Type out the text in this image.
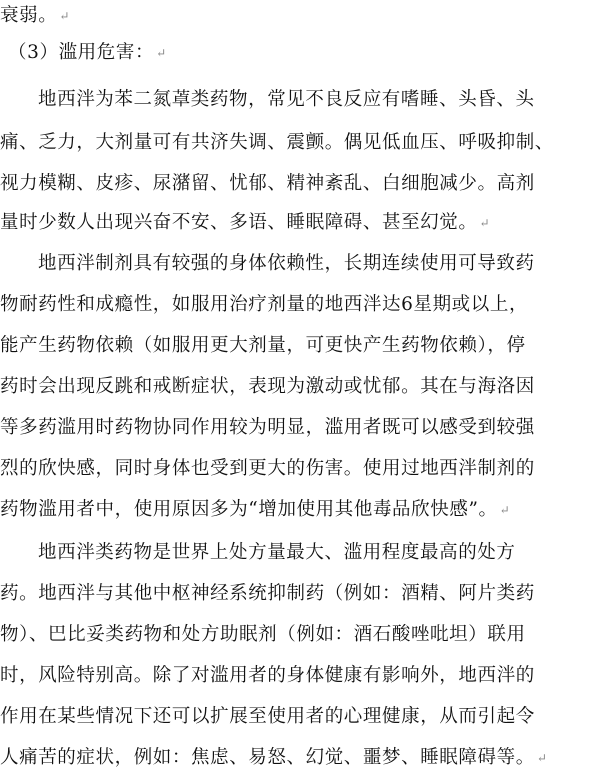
衰弱。 ↵
（3）滥用危害： ↵
地西泮为苯二氮䓬类药物，常见不良反应有嗜睡、头昏、头
痛、乏力，大剂量可有共济失调、震颤。偶见低血压、呼吸抑制、
视力模糊、皮疹、尿潴留、忧郁、精神紊乱、白细胞减少。高剂
量时少数人出现兴奋不安、多语、睡眠障碍、甚至幻觉。 ↵
地西泮制剂具有较强的身体依赖性，长期连续使用可导致药
物耐药性和成瘾性，如服用治疗剂量的地西泮达6星期或以上，
能产生药物依赖（如服用更大剂量，可更快产生药物依赖），停
药时会出现反跳和戒断症状，表现为激动或忧郁。其在与海洛因
等多药滥用时药物协同作用较为明显，滥用者既可以感受到较强
烈的欣快感，同时身体也受到更大的伤害。使用过地西泮制剂的
药物滥用者中，使用原因多为“增加使用其他毒品欣快感”。 ↵
地西泮类药物是世界上处方量最大、滥用程度最高的处方
药。地西泮与其他中枢神经系统抑制药（例如：酒精、阿片类药
物）、巴比妥类药物和处方助眠剂（例如：酒石酸唑吡坦）联用
时，风险特别高。除了对滥用者的身体健康有影响外，地西泮的
作用在某些情况下还可以扩展至使用者的心理健康，从而引起令
人痛苦的症状，例如：焦虑、易怒、幻觉、噩梦、睡眠障碍等。 ↵
